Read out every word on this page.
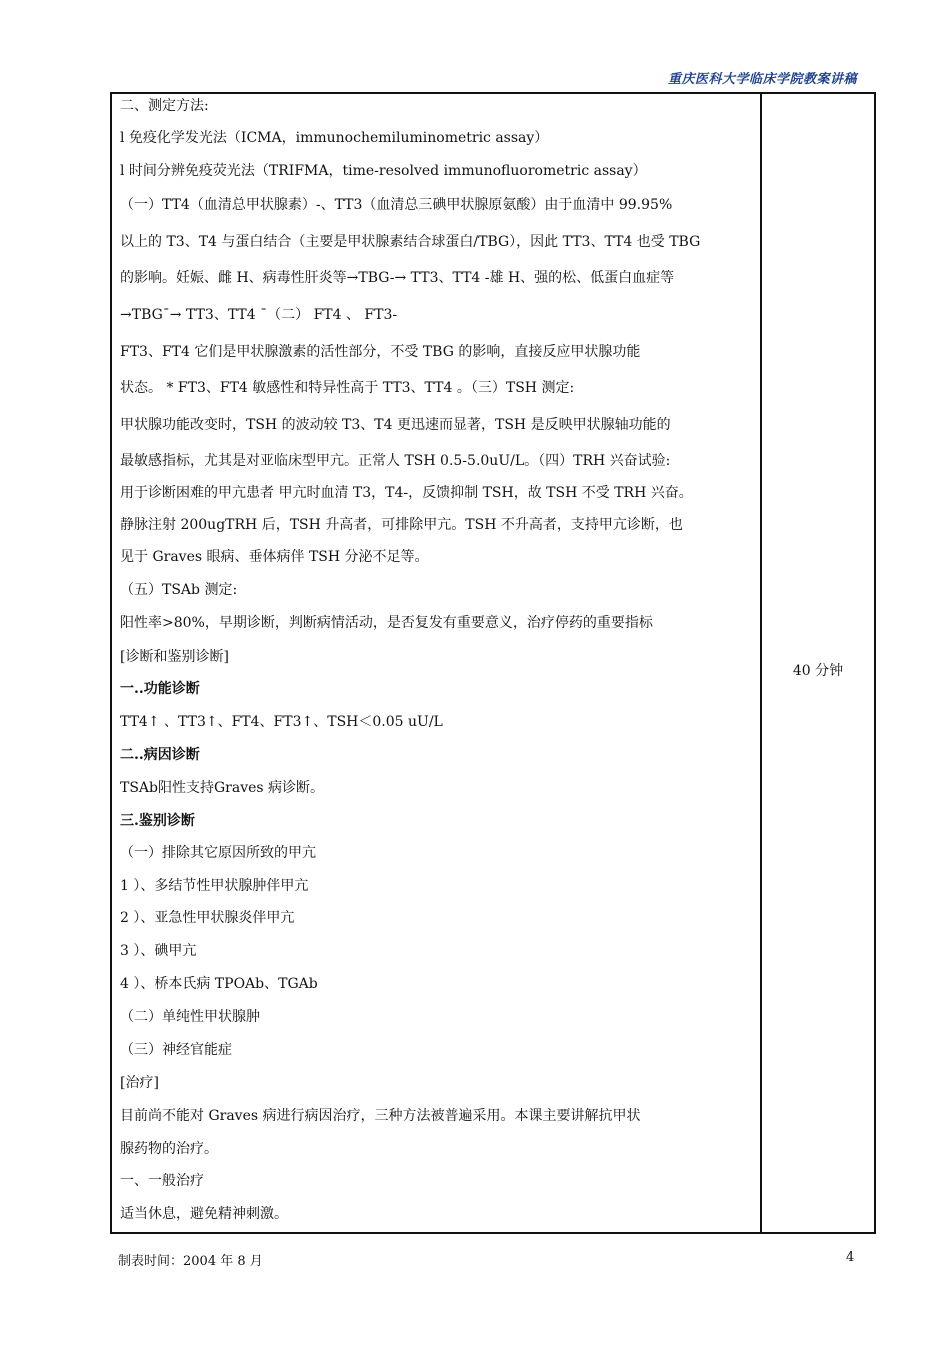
重庆医科大学临床学院教案讲稿
二、测定方法:
l 免疫化学发光法（ICMA，immunochemiluminometric assay）
l 时间分辨免疫荧光法（TRIFMA，time-resolved immunofluorometric assay）
（一）TT4（血清总甲状腺素）-、TT3（血清总三碘甲状腺原氨酸）由于血清中 99.95%
以上的 T3、T4 与蛋白结合（主要是甲状腺素结合球蛋白/TBG），因此 TT3、TT4 也受 TBG
的影响。妊娠、雌 H、病毒性肝炎等→TBG-→ TT3、TT4 -雄 H、强的松、低蛋白血症等
→TBG¯→ TT3、TT4 ¯（二） FT4 、 FT3-
FT3、FT4 它们是甲状腺激素的活性部分，不受 TBG 的影响，直接反应甲状腺功能
状态。 * FT3、FT4 敏感性和特异性高于 TT3、TT4 。（三）TSH 测定:
甲状腺功能改变时，TSH 的波动较 T3、T4 更迅速而显著，TSH 是反映甲状腺轴功能的
最敏感指标，尤其是对亚临床型甲亢。正常人 TSH 0.5-5.0uU/L。（四）TRH 兴奋试验:
用于诊断困难的甲亢患者 甲亢时血清 T3，T4-，反馈抑制 TSH，故 TSH 不受 TRH 兴奋。
静脉注射 200ugTRH 后，TSH 升高者，可排除甲亢。TSH 不升高者，支持甲亢诊断，也
见于 Graves 眼病、垂体病伴 TSH 分泌不足等。
（五）TSAb 测定:
阳性率>80%，早期诊断，判断病情活动，是否复发有重要意义，治疗停药的重要指标
[诊断和鉴别诊断]
一..功能诊断
TT4↑ 、TT3↑、FT4、FT3↑、TSH＜0.05 uU/L
二..病因诊断
TSAb阳性支持Graves 病诊断。
三.鉴别诊断
（一）排除其它原因所致的甲亢
1 ）、多结节性甲状腺肿伴甲亢
2 ）、亚急性甲状腺炎伴甲亢
3 ）、碘甲亢
4 ）、桥本氏病 TPOAb、TGAb
（二）单纯性甲状腺肿
（三）神经官能症
[治疗]
目前尚不能对 Graves 病进行病因治疗，三种方法被普遍采用。本课主要讲解抗甲状
腺药物的治疗。
一、一般治疗
适当休息，避免精神刺激。
40 分钟
制表时间：2004 年 8 月	4
